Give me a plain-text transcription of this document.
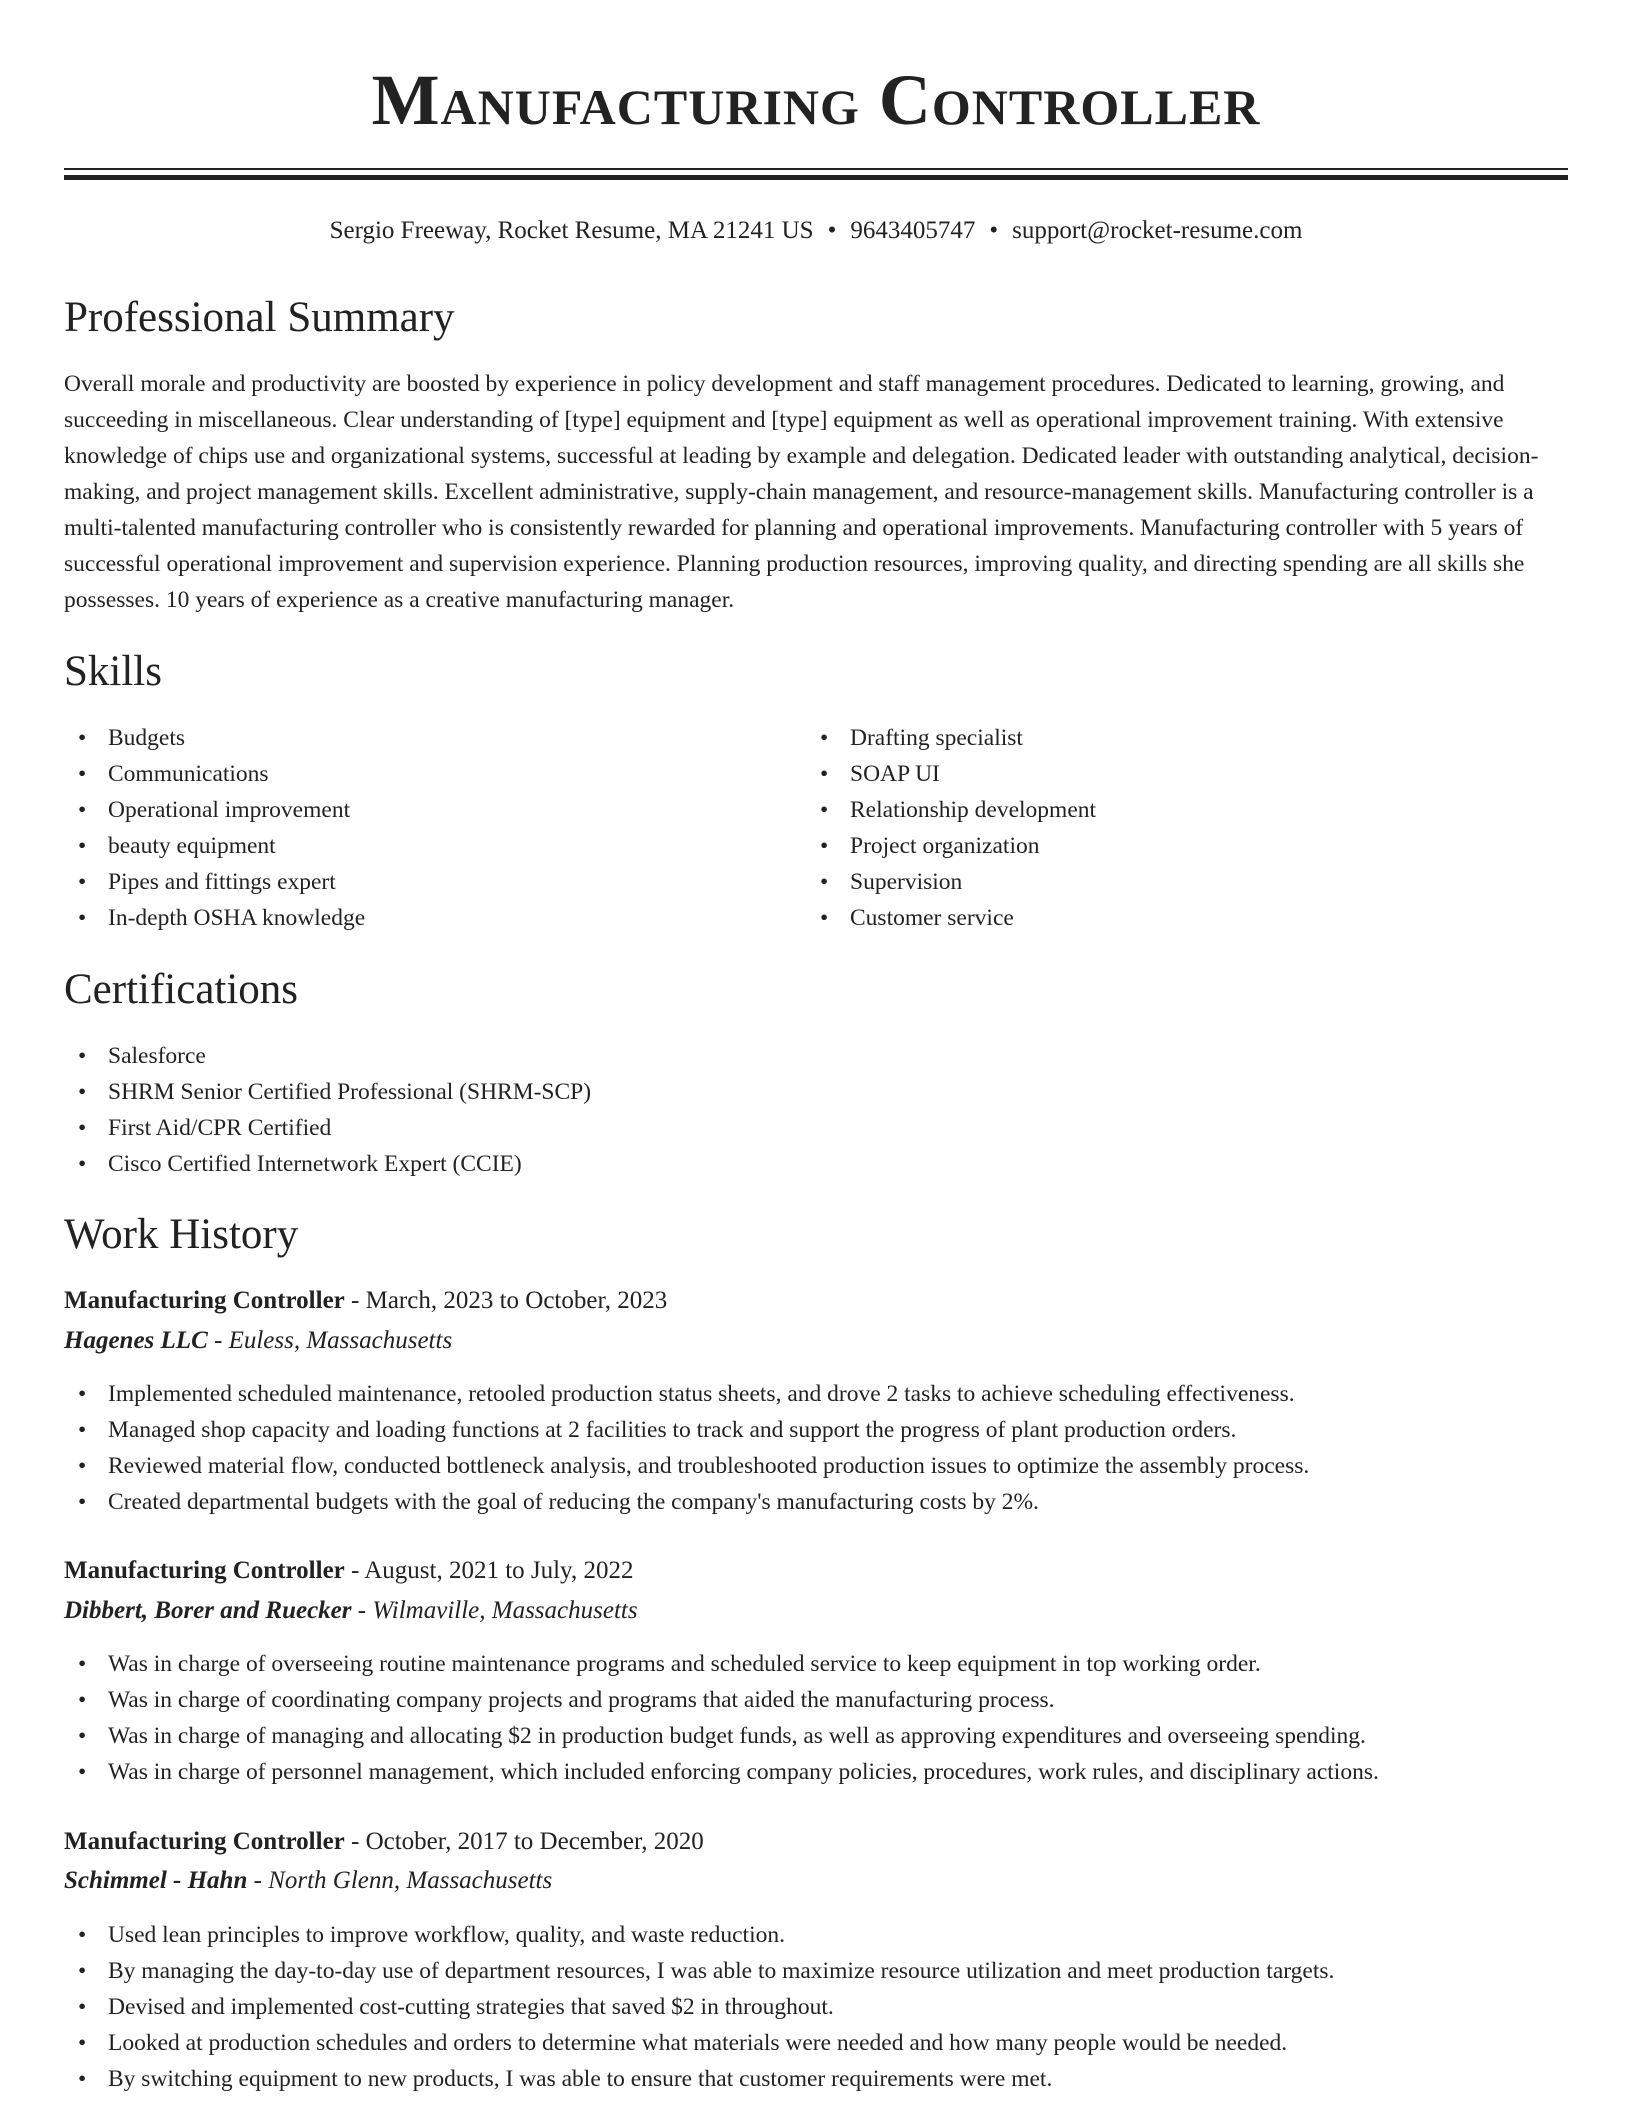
Manufacturing Controller
Sergio Freeway, Rocket Resume, MA 21241 US • 9643405747 • support@rocket-resume.com
Professional Summary

Overall morale and productivity are boosted by experience in policy development and staff management procedures. Dedicated to learning, growing, and succeeding in miscellaneous. Clear understanding of [type] equipment and [type] equipment as well as operational improvement training. With extensive knowledge of chips use and organizational systems, successful at leading by example and delegation. Dedicated leader with outstanding analytical, decision-making, and project management skills. Excellent administrative, supply-chain management, and resource-management skills. Manufacturing controller is a multi-talented manufacturing controller who is consistently rewarded for planning and operational improvements. Manufacturing controller with 5 years of successful operational improvement and supervision experience. Planning production resources, improving quality, and directing spending are all skills she possesses. 10 years of experience as a creative manufacturing manager.

Skills
• Budgets
• Communications
• Operational improvement
• beauty equipment
• Pipes and fittings expert
• In-depth OSHA knowledge
• Drafting specialist
• SOAP UI
• Relationship development
• Project organization
• Supervision
• Customer service
Certifications
• Salesforce
• SHRM Senior Certified Professional (SHRM-SCP)
• First Aid/CPR Certified
• Cisco Certified Internetwork Expert (CCIE)
Work History
Manufacturing Controller - March, 2023 to October, 2023
Hagenes LLC - Euless, Massachusetts
• Implemented scheduled maintenance, retooled production status sheets, and drove 2 tasks to achieve scheduling effectiveness.
• Managed shop capacity and loading functions at 2 facilities to track and support the progress of plant production orders.
• Reviewed material flow, conducted bottleneck analysis, and troubleshooted production issues to optimize the assembly process.
• Created departmental budgets with the goal of reducing the company's manufacturing costs by 2%.
Manufacturing Controller - August, 2021 to July, 2022
Dibbert, Borer and Ruecker - Wilmaville, Massachusetts
• Was in charge of overseeing routine maintenance programs and scheduled service to keep equipment in top working order.
• Was in charge of coordinating company projects and programs that aided the manufacturing process.
• Was in charge of managing and allocating $2 in production budget funds, as well as approving expenditures and overseeing spending.
• Was in charge of personnel management, which included enforcing company policies, procedures, work rules, and disciplinary actions.
Manufacturing Controller - October, 2017 to December, 2020
Schimmel - Hahn - North Glenn, Massachusetts
• Used lean principles to improve workflow, quality, and waste reduction.
• By managing the day-to-day use of department resources, I was able to maximize resource utilization and meet production targets.
• Devised and implemented cost-cutting strategies that saved $2 in throughout.
• Looked at production schedules and orders to determine what materials were needed and how many people would be needed.
• By switching equipment to new products, I was able to ensure that customer requirements were met.
